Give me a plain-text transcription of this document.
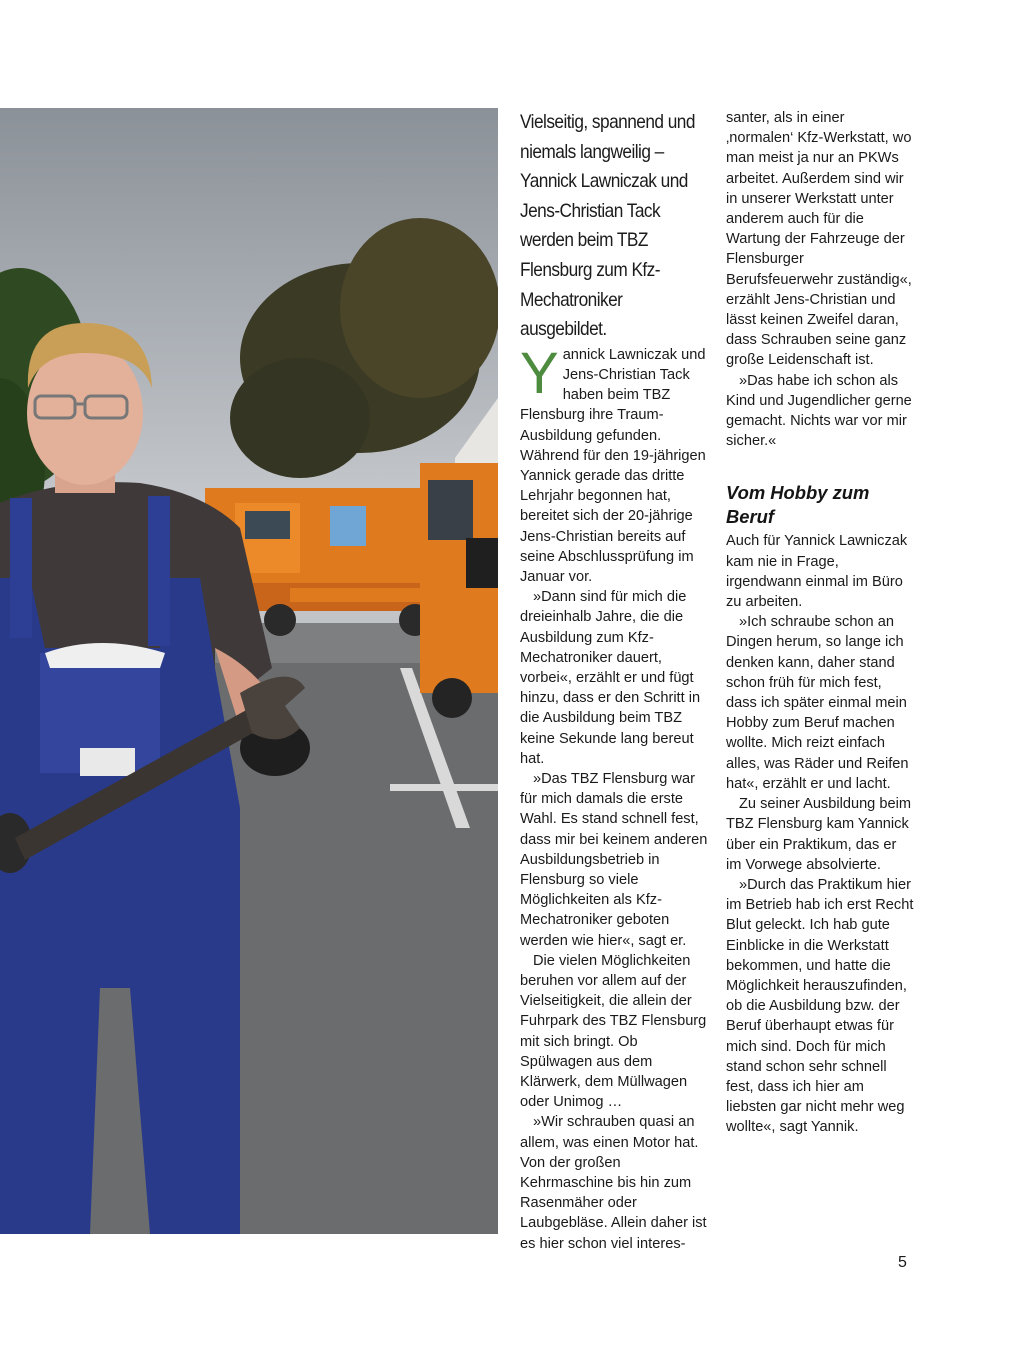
Vielseitig, spannend und niemals langweilig – Yannick Lawniczak und Jens-Christian Tack werden beim TBZ Flensburg zum Kfz-Mechatroniker ausgebildet.

Yannick Lawniczak und Jens-Christian Tack haben beim TBZ Flensburg ihre Traum-Ausbildung gefunden. Während für den 19-jährigen Yannick gerade das dritte Lehrjahr begonnen hat, bereitet sich der 20-jährige Jens-Christian bereits auf seine Abschlussprüfung im Januar vor.

»Dann sind für mich die dreieinhalb Jahre, die die Ausbildung zum Kfz-Mechatroniker dauert, vorbei«, erzählt er und fügt hinzu, dass er den Schritt in die Ausbildung beim TBZ keine Sekunde lang bereut hat.

»Das TBZ Flensburg war für mich damals die erste Wahl. Es stand schnell fest, dass mir bei keinem anderen Ausbildungsbetrieb in Flensburg so viele Möglichkeiten als Kfz-Mechatroniker geboten werden wie hier«, sagt er.

Die vielen Möglichkeiten beruhen vor allem auf der Vielseitigkeit, die allein der Fuhrpark des TBZ Flensburg mit sich bringt. Ob Spülwagen aus dem Klärwerk, dem Müllwagen oder Unimog …

»Wir schrauben quasi an allem, was einen Motor hat. Von der großen Kehrmaschine bis hin zum Rasenmäher oder Laubgebläse. Allein daher ist es hier schon viel interes-

santer, als in einer ‚normalen‘ Kfz-Werkstatt, wo man meist ja nur an PKWs arbeitet. Außerdem sind wir in unserer Werkstatt unter anderem auch für die Wartung der Fahrzeuge der Flensburger Berufsfeuerwehr zuständig«, erzählt Jens-Christian und lässt keinen Zweifel daran, dass Schrauben seine ganz große Leidenschaft ist.

»Das habe ich schon als Kind und Jugendlicher gerne gemacht. Nichts war vor mir sicher.«

Vom Hobby zum Beruf

Auch für Yannick Lawniczak kam nie in Frage, irgendwann einmal im Büro zu arbeiten.

»Ich schraube schon an Dingen herum, so lange ich denken kann, daher stand schon früh für mich fest, dass ich später einmal mein Hobby zum Beruf machen wollte. Mich reizt einfach alles, was Räder und Reifen hat«, erzählt er und lacht.

Zu seiner Ausbildung beim TBZ Flensburg kam Yannick über ein Praktikum, das er im Vorwege absolvierte.

»Durch das Praktikum hier im Betrieb hab ich erst Recht Blut geleckt. Ich hab gute Einblicke in die Werkstatt bekommen, und hatte die Möglichkeit herauszufinden, ob die Ausbildung bzw. der Beruf überhaupt etwas für mich sind. Doch für mich stand schon sehr schnell fest, dass ich hier am liebsten gar nicht mehr weg wollte«, sagt Yannik.

5
